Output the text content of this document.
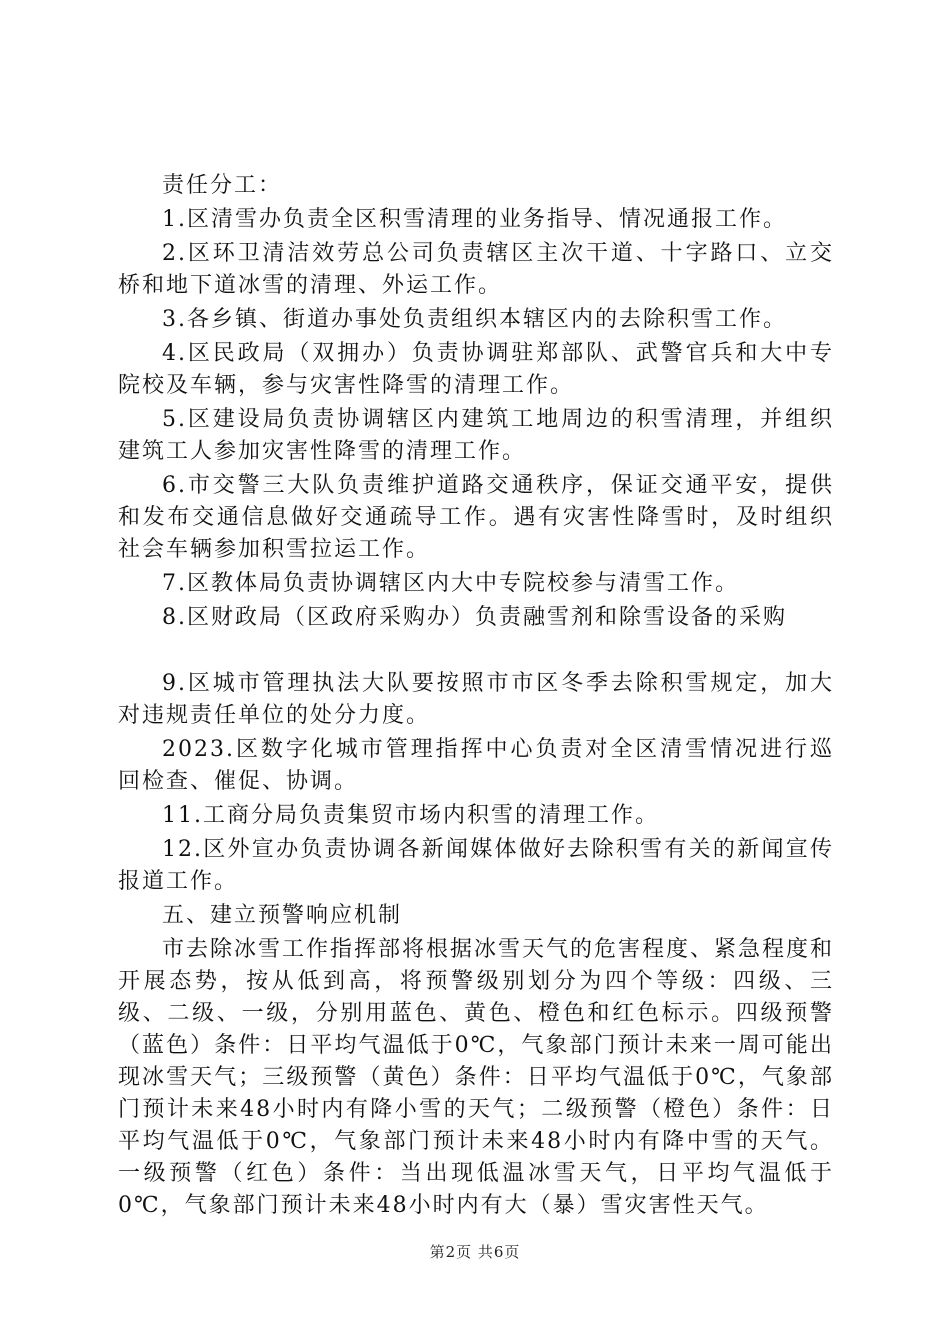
责任分工：

1.区清雪办负责全区积雪清理的业务指导、情况通报工作。

2.区环卫清洁效劳总公司负责辖区主次干道、十字路口、立交桥和地下道冰雪的清理、外运工作。

3.各乡镇、街道办事处负责组织本辖区内的去除积雪工作。

4.区民政局（双拥办）负责协调驻郑部队、武警官兵和大中专院校及车辆，参与灾害性降雪的清理工作。

5.区建设局负责协调辖区内建筑工地周边的积雪清理，并组织建筑工人参加灾害性降雪的清理工作。

6.市交警三大队负责维护道路交通秩序，保证交通平安，提供和发布交通信息做好交通疏导工作。遇有灾害性降雪时，及时组织社会车辆参加积雪拉运工作。

7.区教体局负责协调辖区内大中专院校参与清雪工作。

8.区财政局（区政府采购办）负责融雪剂和除雪设备的采购

9.区城市管理执法大队要按照市市区冬季去除积雪规定，加大对违规责任单位的处分力度。

2023.区数字化城市管理指挥中心负责对全区清雪情况进行巡回检查、催促、协调。

11.工商分局负责集贸市场内积雪的清理工作。

12.区外宣办负责协调各新闻媒体做好去除积雪有关的新闻宣传报道工作。

五、建立预警响应机制

市去除冰雪工作指挥部将根据冰雪天气的危害程度、紧急程度和开展态势，按从低到高，将预警级别划分为四个等级：四级、三级、二级、一级，分别用蓝色、黄色、橙色和红色标示。四级预警（蓝色）条件：日平均气温低于0℃，气象部门预计未来一周可能出现冰雪天气；三级预警（黄色）条件：日平均气温低于0℃，气象部门预计未来48小时内有降小雪的天气；二级预警（橙色）条件：日平均气温低于0℃，气象部门预计未来48小时内有降中雪的天气。一级预警（红色）条件：当出现低温冰雪天气，日平均气温低于0℃，气象部门预计未来48小时内有大（暴）雪灾害性天气。

第2页 共6页
